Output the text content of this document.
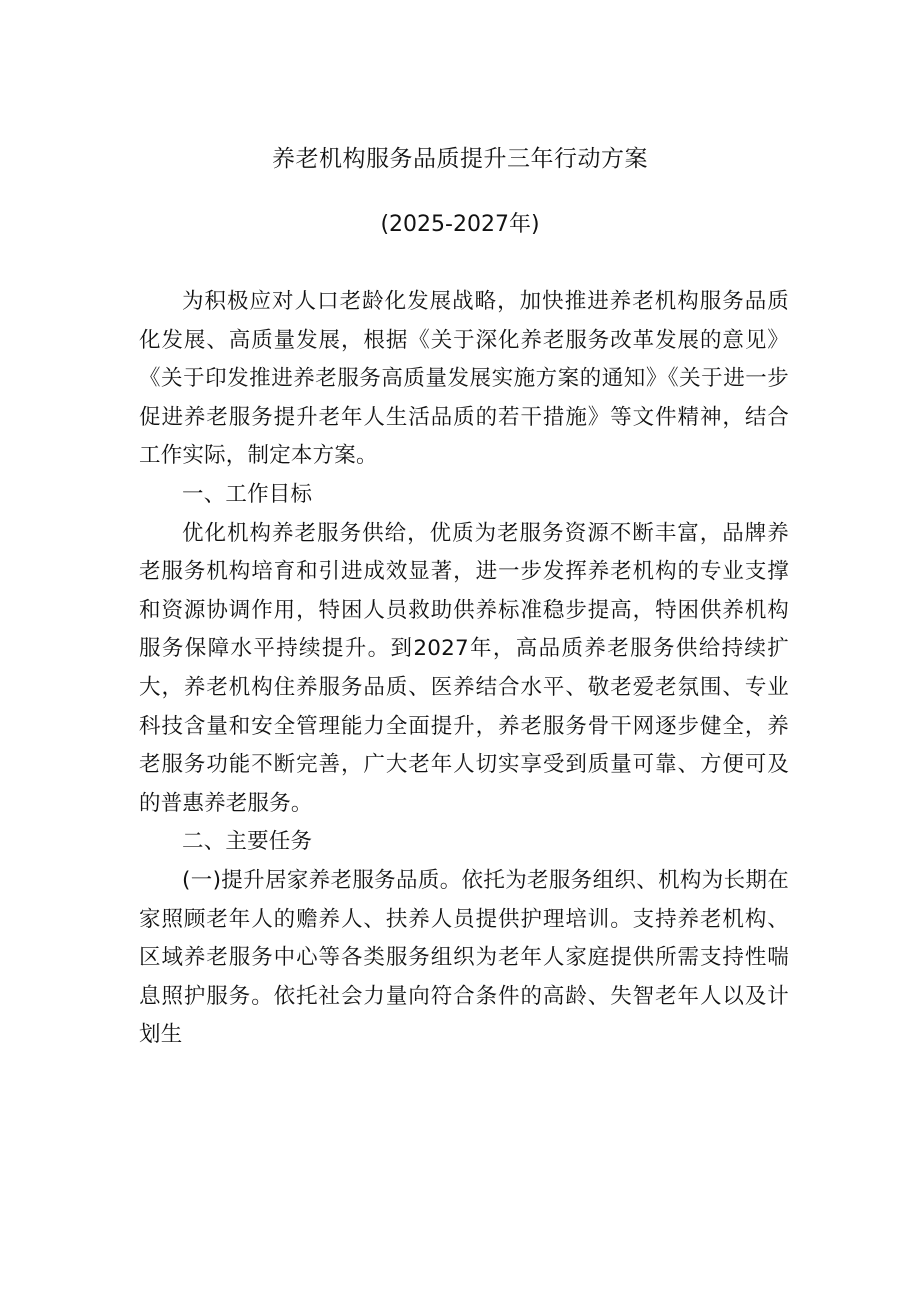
养老机构服务品质提升三年行动方案
(2025-2027年)

为积极应对人口老龄化发展战略，加快推进养老机构服务品质化发展、高质量发展，根据《关于深化养老服务改革发展的意见》《关于印发推进养老服务高质量发展实施方案的通知》《关于进一步促进养老服务提升老年人生活品质的若干措施》等文件精神，结合工作实际，制定本方案。

一、工作目标

优化机构养老服务供给，优质为老服务资源不断丰富，品牌养老服务机构培育和引进成效显著，进一步发挥养老机构的专业支撑和资源协调作用，特困人员救助供养标准稳步提高，特困供养机构服务保障水平持续提升。到2027年，高品质养老服务供给持续扩大，养老机构住养服务品质、医养结合水平、敬老爱老氛围、专业科技含量和安全管理能力全面提升，养老服务骨干网逐步健全，养老服务功能不断完善，广大老年人切实享受到质量可靠、方便可及的普惠养老服务。

二、主要任务

(一)提升居家养老服务品质。依托为老服务组织、机构为长期在家照顾老年人的赡养人、扶养人员提供护理培训。支持养老机构、区域养老服务中心等各类服务组织为老年人家庭提供所需支持性喘息照护服务。依托社会力量向符合条件的高龄、失智老年人以及计划生
